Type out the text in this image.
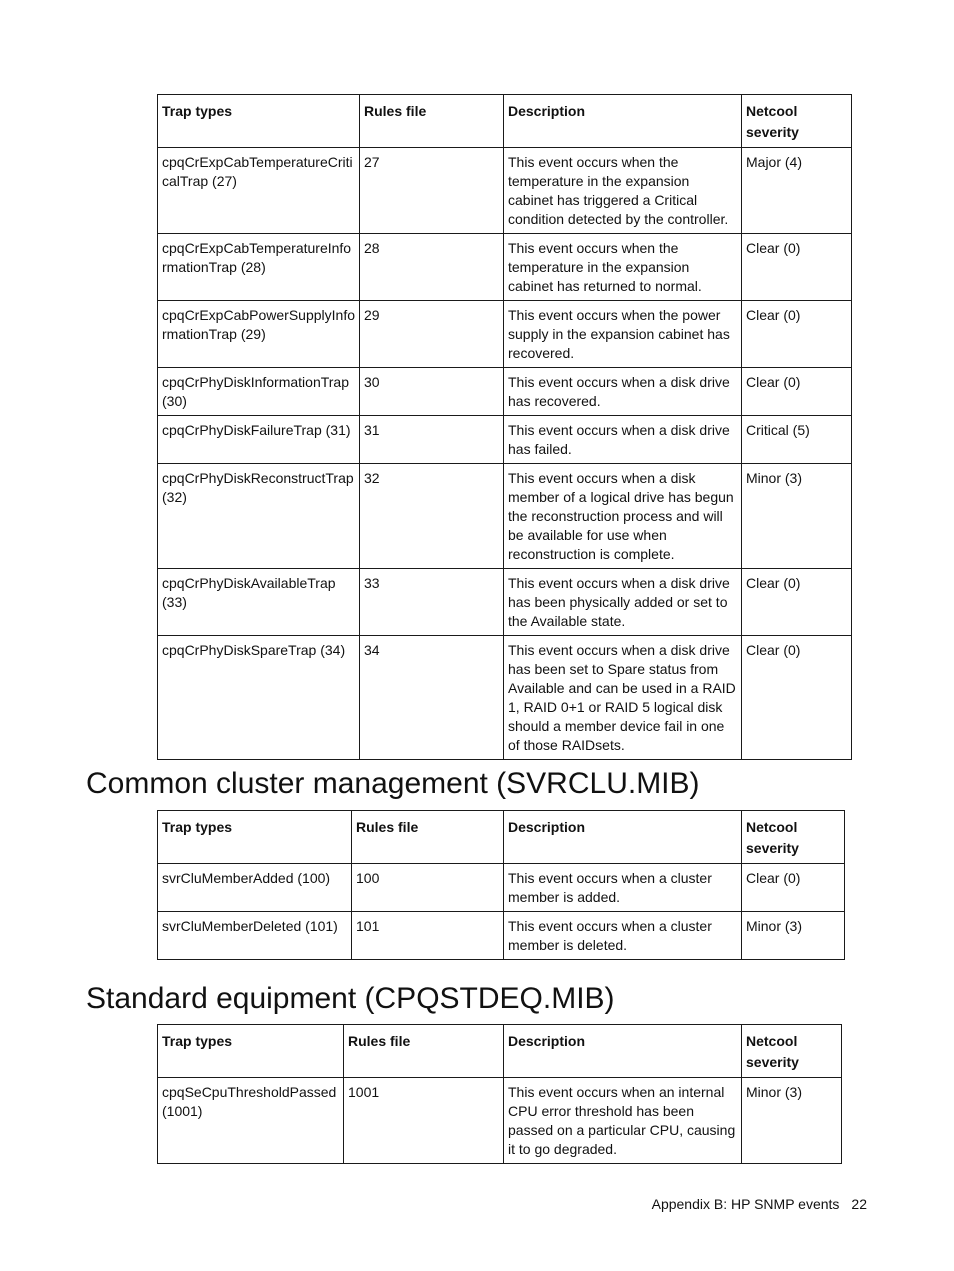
Trap types	Rules file	Description	Netcool severity
cpqCrExpCabTemperatureCriticalTrap (27)	27	This event occurs when the temperature in the expansion cabinet has triggered a Critical condition detected by the controller.	Major (4)
cpqCrExpCabTemperatureInformationTrap (28)	28	This event occurs when the temperature in the expansion cabinet has returned to normal.	Clear (0)
cpqCrExpCabPowerSupplyInformationTrap (29)	29	This event occurs when the power supply in the expansion cabinet has recovered.	Clear (0)
cpqCrPhyDiskInformationTrap (30)	30	This event occurs when a disk drive has recovered.	Clear (0)
cpqCrPhyDiskFailureTrap (31)	31	This event occurs when a disk drive has failed.	Critical (5)
cpqCrPhyDiskReconstructTrap (32)	32	This event occurs when a disk member of a logical drive has begun the reconstruction process and will be available for use when reconstruction is complete.	Minor (3)
cpqCrPhyDiskAvailableTrap (33)	33	This event occurs when a disk drive has been physically added or set to the Available state.	Clear (0)
cpqCrPhyDiskSpareTrap (34)	34	This event occurs when a disk drive has been set to Spare status from Available and can be used in a RAID 1, RAID 0+1 or RAID 5 logical disk should a member device fail in one of those RAIDsets.	Clear (0)
Common cluster management (SVRCLU.MIB)
Trap types	Rules file	Description	Netcool severity
svrCluMemberAdded (100)	100	This event occurs when a cluster member is added.	Clear (0)
svrCluMemberDeleted (101)	101	This event occurs when a cluster member is deleted.	Minor (3)
Standard equipment (CPQSTDEQ.MIB)
Trap types	Rules file	Description	Netcool severity
cpqSeCpuThresholdPassed (1001)	1001	This event occurs when an internal CPU error threshold has been passed on a particular CPU, causing it to go degraded.	Minor (3)
Appendix B: HP SNMP events 22
